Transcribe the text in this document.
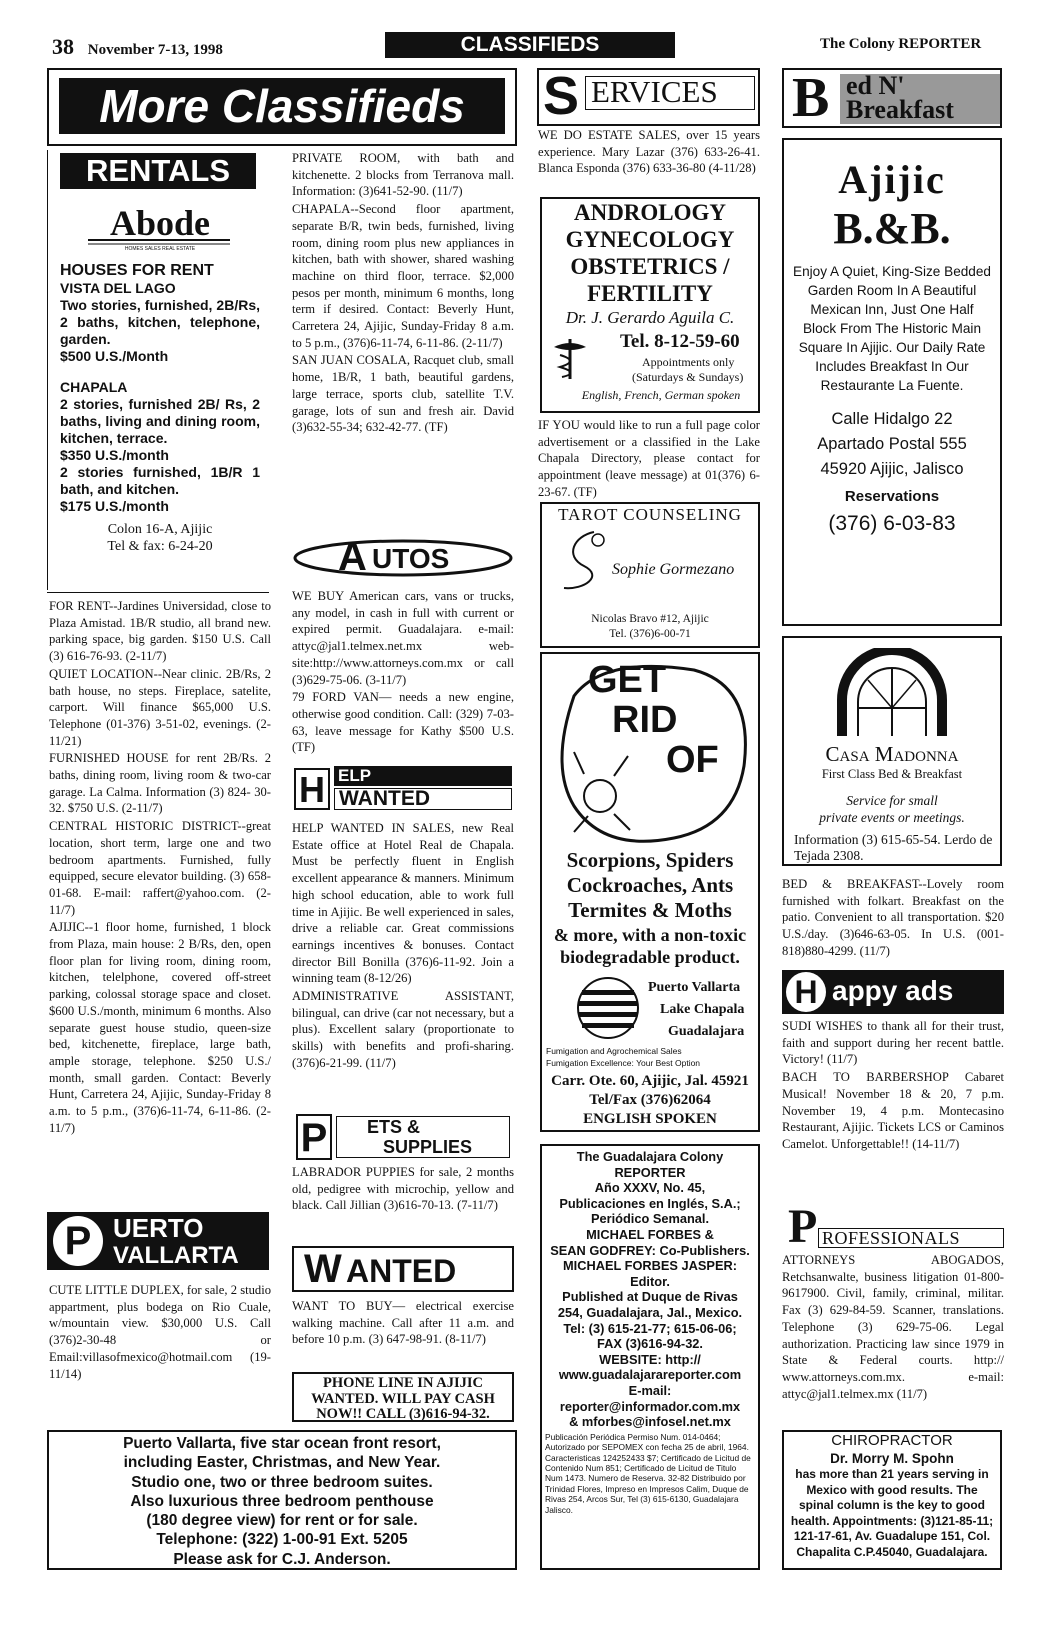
38 November 7-13, 1998	CLASSIFIEDS	The Colony REPORTER
More Classifieds
RENTALS
Abode
HOMES SALES REAL ESTATE
HOUSES FOR RENT
VISTA DEL LAGO
Two stories, furnished, 2B/Rs, 2 baths, kitchen, telephone, garden.
$500 U.S./Month
CHAPALA
2 stories, furnished 2B/ Rs, 2 baths, living and dining room, kitchen, terrace.
$350 U.S./month
2 stories furnished, 1B/R 1 bath, and kitchen.
$175 U.S./month
Colon 16-A, Ajijic
Tel & fax: 6-24-20

FOR RENT--Jardines Universidad, close to Plaza Amistad. 1B/R studio, all brand new. parking space, big garden. $150 U.S. Call (3) 616-76-93. (2-11/7)

QUIET LOCATION--Near clinic. 2B/Rs, 2 bath house, no steps. Fireplace, satelite, carport. Will finance $65,000 U.S. Telephone (01-376) 3-51-02, evenings. (2-11/21)

FURNISHED HOUSE for rent 2B/Rs. 2 baths, dining room, living room & two-car garage. La Calma. Information (3) 824- 30-32. $750 U.S. (2-11/7)

CENTRAL HISTORIC DISTRICT--great location, short term, large one and two bedroom apartments. Furnished, fully equipped, secure elevator building. (3) 658-01-68. E-mail: raffert@yahoo.com. (2-11/7)

AJIJIC--1 floor home, furnished, 1 block from Plaza, main house: 2 B/Rs, den, open floor plan for living room, dining room, kitchen, telelphone, covered off-street parking, colossal storage space and closet. $600 U.S./month, minimum 6 months. Also separate guest house studio, queen-size bed, kitchenette, fireplace, large bath, ample storage, telephone. $250 U.S./ month, small garden. Contact: Beverly Hunt, Carretera 24, Ajijic, Sunday-Friday 8 a.m. to 5 p.m., (376)6-11-74, 6-11-86. (2-11/7)

P UERTO
VALLARTA
CUTE LITTLE DUPLEX, for sale, 2 studio appartment, plus bodega on Rio Cuale, w/mountain view. $30,000 U.S. Call (376)2-30-48 or Email:villasofmexico@hotmail.com (19-11/14)

PRIVATE ROOM, with bath and kitchenette. 2 blocks from Terranova mall. Information: (3)641-52-90. (11/7)

CHAPALA--Second floor apartment, separate B/R, twin beds, furnished, living room, dining room plus new appliances in kitchen, bath with shower, shared washing machine on third floor, terrace. $2,000 pesos per month, minimum 6 months, long term if desired. Contact: Beverly Hunt, Carretera 24, Ajijic, Sunday-Friday 8 a.m. to 5 p.m., (376)6-11-74, 6-11-86. (2-11/7)

SAN JUAN COSALA, Racquet club, small home, 1B/R, 1 bath, beautiful gardens, large terrace, sports club, satellite T.V. garage, lots of sun and fresh air. David (3)632-55-34; 632-42-77. (TF)

A UTOS

WE BUY American cars, vans or trucks, any model, in cash in full with current or expired permit. Guadalajara. e-mail: attyc@jal1.telmex.net.mx web-site:http://www.attorneys.com.mx or call (3)629-75-06. (3-11/7)

79 FORD VAN— needs a new engine, otherwise good condition. Call: (329) 7-03-63, leave message for Kathy $500 U.S. (TF)

H ELP
WANTED

HELP WANTED IN SALES, new Real Estate office at Hotel Real de Chapala. Must be perfectly fluent in English excellent appearance & manners. Minimum high school education, able to work full time in Ajijic. Be well experienced in sales, drive a reliable car. Great commissions earnings incentives & bonuses. Contact director Bill Bonilla (376)6-11-92. Join a winning team (8-12/26)

ADMINISTRATIVE ASSISTANT, bilingual, can drive (car not necessary, but a plus). Excellent salary (proportionate to skills) with benefits and profi-sharing. (376)6-21-99. (11/7)

P ETS &
SUPPLIES
LABRADOR PUPPIES for sale, 2 months old, pedigree with microchip, yellow and black. Call Jillian (3)616-70-13. (7-11/7)
W ANTED
WANT TO BUY— electrical exercise walking machine. Call after 11 a.m. and before 10 p.m. (3) 647-98-91. (8-11/7)
PHONE LINE IN AJIJIC WANTED. WILL PAY CASH NOW!! CALL (3)616-94-32.
S ERVICES
WE DO ESTATE SALES, over 15 years experience. Mary Lazar (376) 633-26-41. Blanca Esponda (376) 633-36-80 (4-11/28)
ANDROLOGY
GYNECOLOGY
OBSTETRICS /
FERTILITY
Dr. J. Gerardo Aguila C.
Tel. 8-12-59-60
Appointments only
(Saturdays & Sundays)
English, French, German spoken
IF YOU would like to run a full page color advertisement or a classified in the Lake Chapala Directory, please contact for appointment (leave message) at 01(376) 6-23-67. (TF)
TAROT COUNSELING
Sophie Gormezano
Nicolas Bravo #12, Ajijic
Tel. (376)6-00-71
GET
RID
OF
Scorpions, Spiders
Cockroaches, Ants
Termites & Moths
& more, with a non-toxic
biodegradable product.
Puerto Vallarta
Lake Chapala
Guadalajara
Fumigation and Agrochemical Sales
Fumigation Excellence: Your Best Option
Carr. Ote. 60, Ajijic, Jal. 45921
Tel/Fax (376)62064
ENGLISH SPOKEN
The Guadalajara Colony
REPORTER
Año XXXV, No. 45,
Publicaciones en Inglés, S.A.;
Periódico Semanal.
MICHAEL FORBES &
SEAN GODFREY: Co-Publishers.
MICHAEL FORBES JASPER:
Editor.
Published at Duque de Rivas
254, Guadalajara, Jal., Mexico.
Tel: (3) 615-21-77; 615-06-06;
FAX (3)616-94-32.
WEBSITE: http://
www.guadalajarareporter.com
E-mail:
reporter@informador.com.mx
& mforbes@infosel.net.mx
Publicación Periódica Permiso Num. 014-0464; Autorizado por SEPOMEX con fecha 25 de abril, 1964. Caracteristicas 124252433 $7; Certificado de Licitud de Contenido Num 851; Certificado de Licitud de Titulo Num 1473. Numero de Reserva. 32-82 Distribuido por Trinidad Flores, Impreso en Impresos Calim, Duque de Rivas 254, Arcos Sur, Tel (3) 615-6130, Guadalajara Jalisco.
B ed N'
Breakfast
Ajijic
B.&B.
Enjoy A Quiet, King-Size Bedded Garden Room In A Beautiful Mexican Inn, Just One Half Block From The Historic Main Square In Ajijic. Our Daily Rate Includes Breakfast In Our Restaurante La Fuente.
Calle Hidalgo 22
Apartado Postal 555
45920 Ajijic, Jalisco
Reservations
(376) 6-03-83
Casa Madonna
First Class Bed & Breakfast
Service for small
private events or meetings.
Information (3) 615-65-54. Lerdo de Tejada 2308.
BED & BREAKFAST--Lovely room furnished with folkart. Breakfast on the patio. Convenient to all transportation. $20 U.S./day. (3)646-63-05. In U.S. (001-818)880-4299. (11/7)
H appy ads

SUDI WISHES to thank all for their trust, faith and support during her recent battle. Victory! (11/7)

BACH TO BARBERSHOP Cabaret Musical! November 18 & 20, 7 p.m. November 19, 4 p.m. Montecasino Restaurant, Ajijic. Tickets LCS or Caminos Camelot. Unforgettable!! (14-11/7)

P ROFESSIONALS
ATTORNEYS ABOGADOS, Retchsanwalte, business litigation 01-800-9617900. Civil, family, criminal, militar. Fax (3) 629-84-59. Scanner, translations. Telephone (3) 629-75-06. Legal authorization. Practicing law since 1979 in State & Federal courts. http:// www.attorneys.com.mx. e-mail: attyc@jal1.telmex.mx (11/7)
CHIROPRACTOR
Dr. Morry M. Spohn
has more than 21 years serving in Mexico with good results. The spinal column is the key to good health. Appointments: (3)121-85-11; 121-17-61, Av. Guadalupe 151, Col. Chapalita C.P.45040, Guadalajara.
Puerto Vallarta, five star ocean front resort,
including Easter, Christmas, and New Year.
Studio one, two or three bedroom suites.
Also luxurious three bedroom penthouse
(180 degree view) for rent or for sale.
Telephone: (322) 1-00-91 Ext. 5205
Please ask for C.J. Anderson.
